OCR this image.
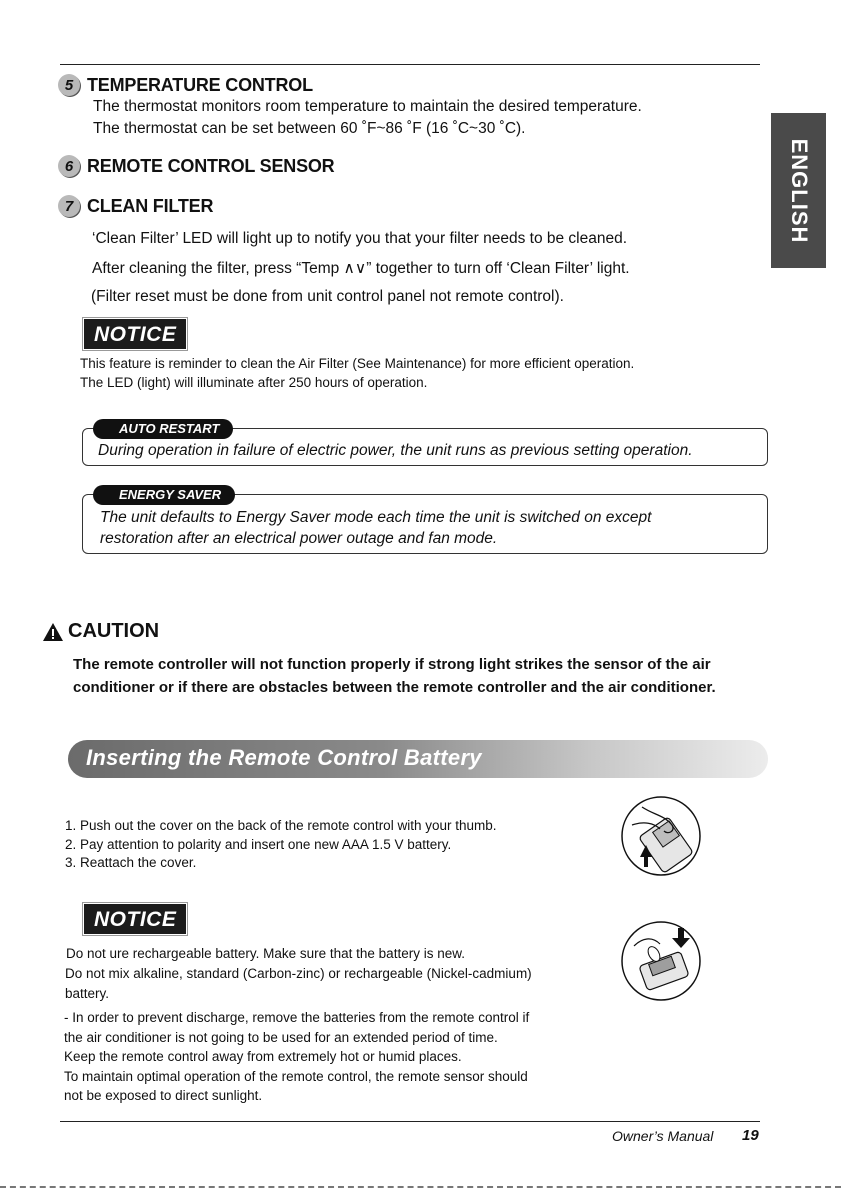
ENGLISH
5 TEMPERATURE CONTROL
The thermostat monitors room temperature to maintain the desired temperature.
The thermostat can be set between 60 ˚F~86 ˚F (16 ˚C~30 ˚C).
6 REMOTE CONTROL SENSOR
7 CLEAN FILTER
‘Clean Filter’ LED will light up to notify you that your filter needs to be cleaned.
After cleaning the filter, press “Temp ∧∨” together to turn off ‘Clean Filter’ light.
(Filter reset must be done from unit control panel not remote control).
NOTICE
This feature is reminder to clean the Air Filter (See Maintenance) for more efficient operation.
The LED (light) will illuminate after 250 hours of operation.
During operation in failure of electric power, the unit runs as previous setting operation.
AUTO RESTART
The unit defaults to Energy Saver mode each time the unit is switched on except
restoration after an electrical power outage and fan mode.
ENERGY SAVER
CAUTION
The remote controller will not function properly if strong light strikes the sensor of the air
conditioner or if there are obstacles between the remote controller and the air conditioner.
Inserting the Remote Control Battery
1. Push out the cover on the back of the remote control with your thumb.
2. Pay attention to polarity and insert one new AAA 1.5 V battery.
3. Reattach the cover.
NOTICE
Do not ure rechargeable battery. Make sure that the battery is new.
Do not mix alkaline, standard (Carbon-zinc) or rechargeable (Nickel-cadmium)
battery.
- In order to prevent discharge, remove the batteries from the remote control if
the air conditioner is not going to be used for an extended period of time.
Keep the remote control away from extremely hot or humid places.
To maintain optimal operation of the remote control, the remote sensor should
not be exposed to direct sunlight.
Owner’s Manual 19
